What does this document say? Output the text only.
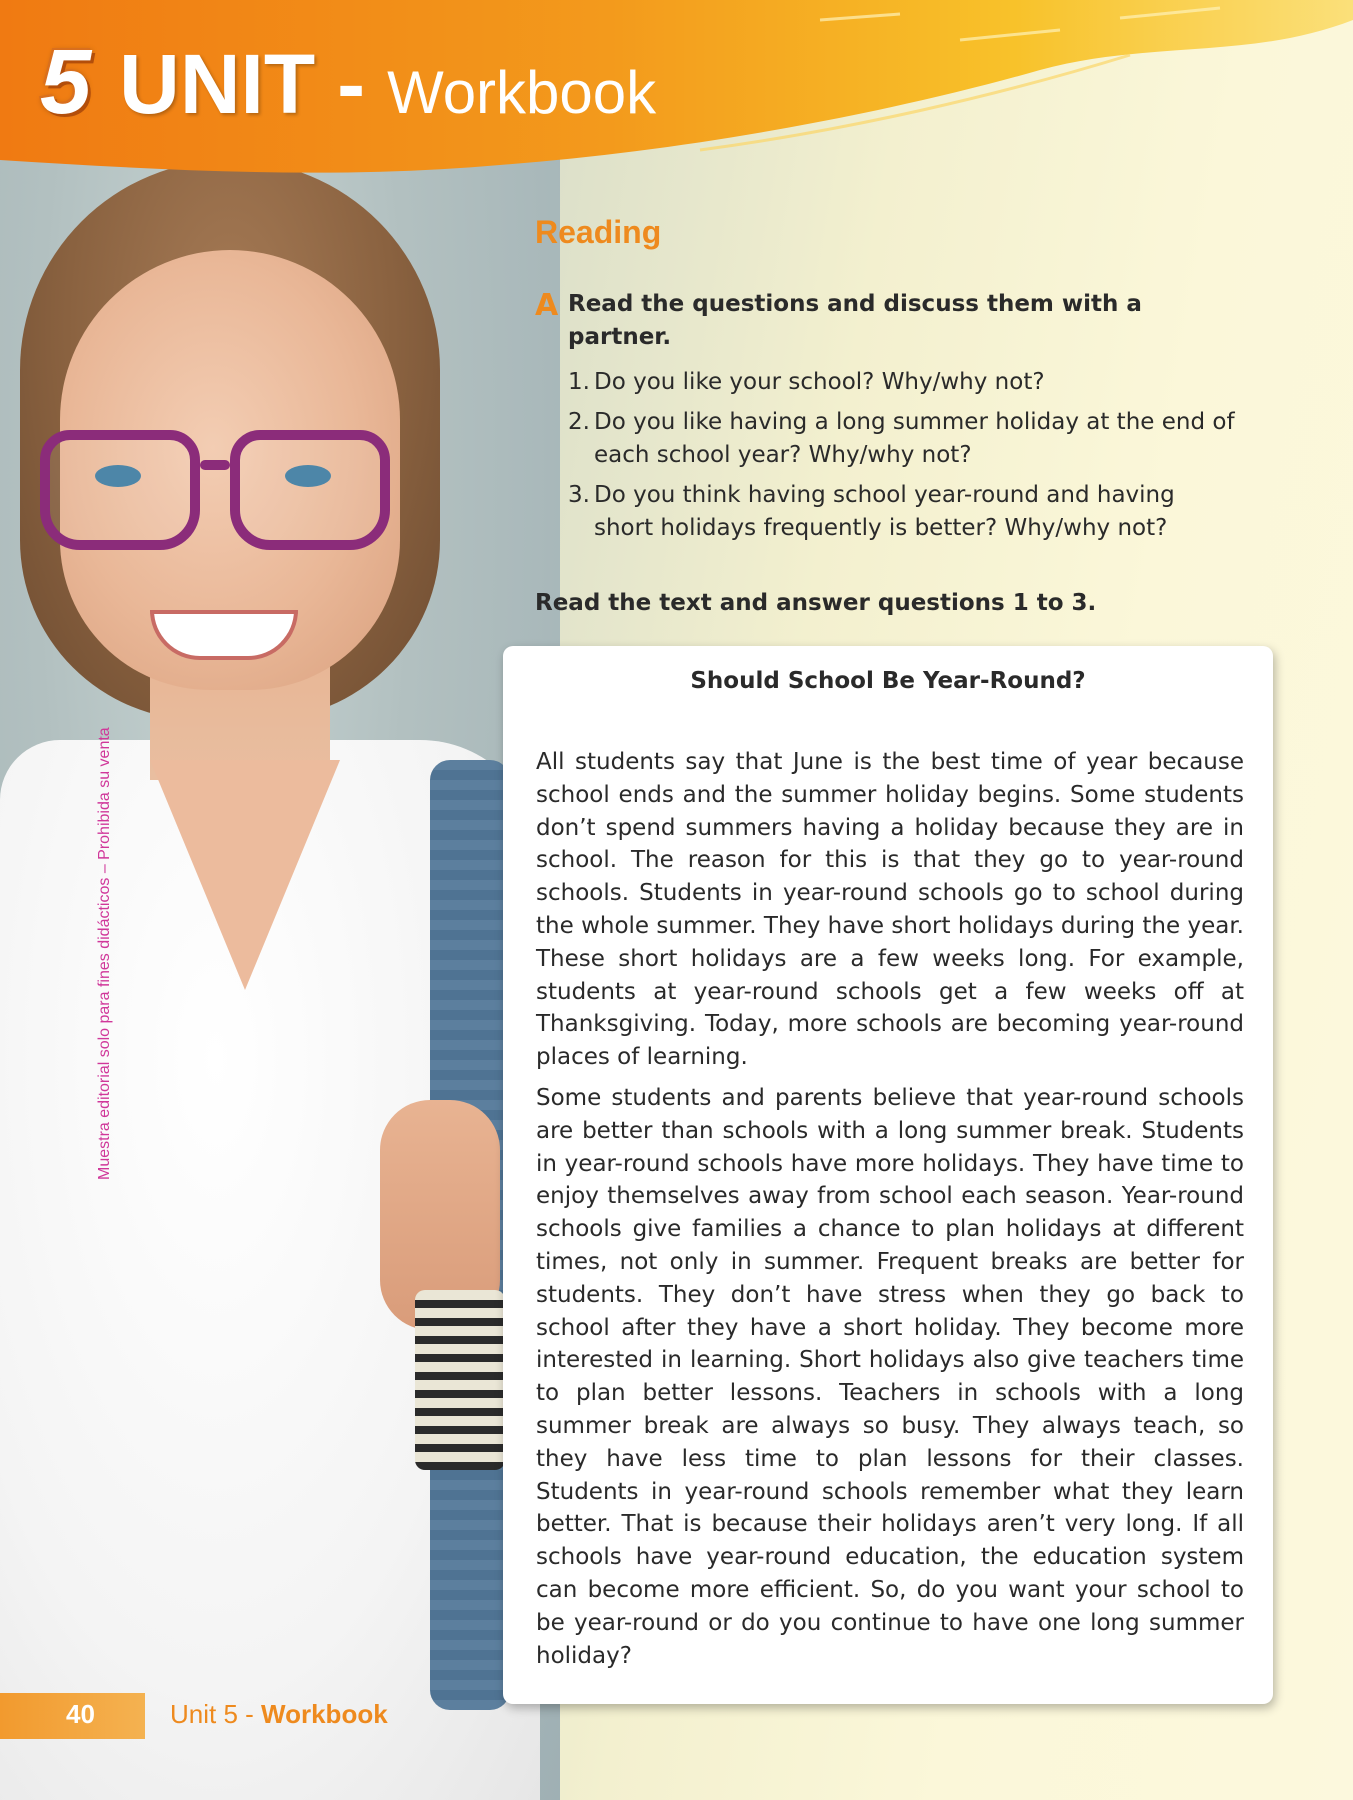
5 UNIT - Workbook
Muestra editorial solo para fines didácticos – Prohibida su venta
Reading
A Read the questions and discuss them with a partner.
1. Do you like your school? Why/why not?
2. Do you like having a long summer holiday at the end of each school year? Why/why not?
3. Do you think having school year-round and having short holidays frequently is better? Why/why not?
Read the text and answer questions 1 to 3.
Should School Be Year-Round?

All students say that June is the best time of year because school ends and the summer holiday begins. Some students don’t spend summers having a holiday because they are in school. The reason for this is that they go to year-round schools. Students in year-round schools go to school during the whole summer. They have short holidays during the year. These short holidays are a few weeks long. For example, students at year-round schools get a few weeks off at Thanksgiving. Today, more schools are becoming year-round places of learning.

Some students and parents believe that year-round schools are better than schools with a long summer break. Students in year-round schools have more holidays. They have time to enjoy themselves away from school each season. Year-round schools give families a chance to plan holidays at different times, not only in summer. Frequent breaks are better for students. They don’t have stress when they go back to school after they have a short holiday. They become more interested in learning. Short holidays also give teachers time to plan better lessons. Teachers in schools with a long summer break are always so busy. They always teach, so they have less time to plan lessons for their classes. Students in year-round schools remember what they learn better. That is because their holidays aren’t very long. If all schools have year-round education, the education system can become more efficient. So, do you want your school to be year-round or do you continue to have one long summer holiday?

40	Unit 5 - Workbook
